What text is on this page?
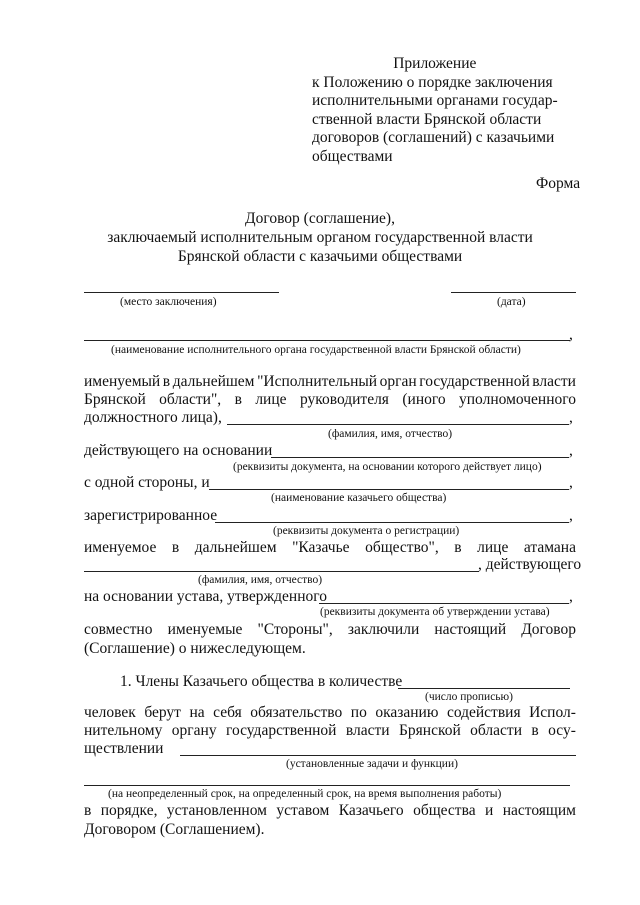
Приложение
к Положению о порядке заключения
исполнительными органами государ-
ственной власти Брянской области
договоров (соглашений) с казачьими
обществами
Форма
Договор (соглашение),
заключаемый исполнительным органом государственной власти
Брянской области с казачьими обществами
(место заключения)	(дата)
,
(наименование исполнительного органа государственной власти Брянской области)
именуемый в дальнейшем "Исполнительный орган государственной власти
Брянской области", в лице руководителя (иного уполномоченного
должностного лица),	,
(фамилия, имя, отчество)
действующего на основании	,
(реквизиты документа, на основании которого действует лицо)
с одной стороны, и	,
(наименование казачьего общества)
зарегистрированное	,
(реквизиты документа о регистрации)
именуемое в дальнейшем "Казачье общество", в лице атамана
, действующего
(фамилия, имя, отчество)
на основании устава, утвержденного	,
(реквизиты документа об утверждении устава)
совместно именуемые "Стороны", заключили настоящий Договор
(Соглашение) о нижеследующем.
1. Члены Казачьего общества в количестве
(число прописью)
человек берут на себя обязательство по оказанию содействия Испол-
нительному органу государственной власти Брянской области в осу-
ществлении
(установленные задачи и функции)
(на неопределенный срок, на определенный срок, на время выполнения работы)
в порядке, установленном уставом Казачьего общества и настоящим
Договором (Соглашением).
